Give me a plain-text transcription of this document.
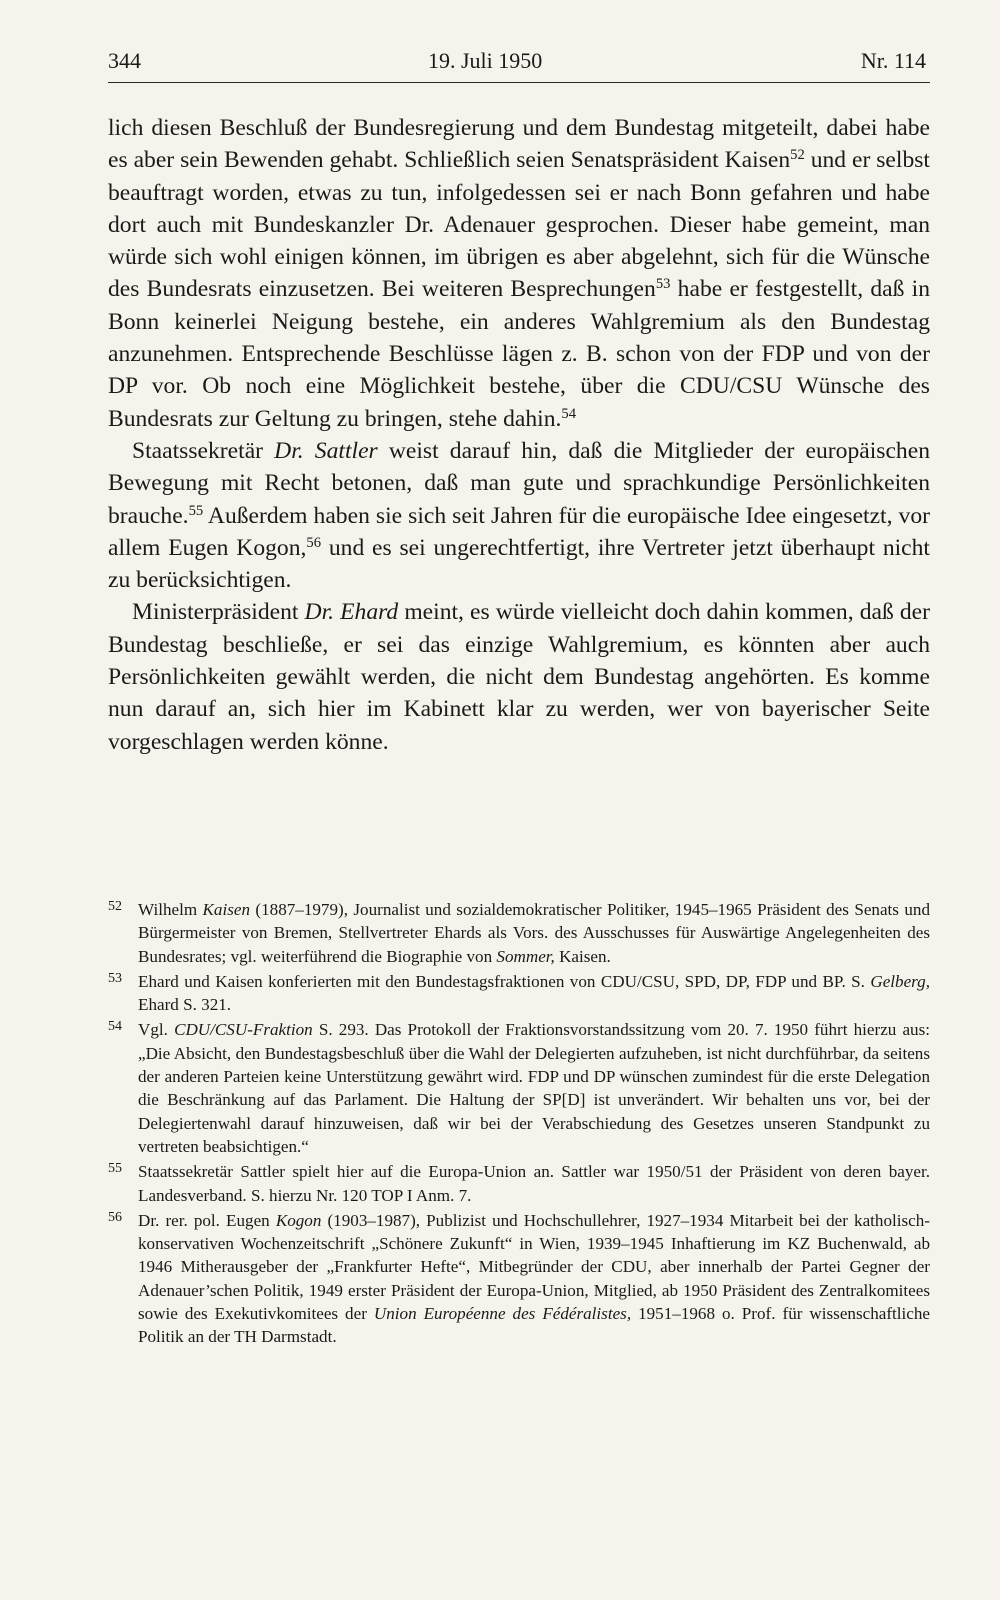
344	19. Juli 1950	Nr. 114

lich diesen Beschluß der Bundesregierung und dem Bundestag mitgeteilt, dabei habe es aber sein Bewenden gehabt. Schließlich seien Senatspräsident Kaisen$^{52}$ und er selbst beauftragt worden, etwas zu tun, infolgedessen sei er nach Bonn gefahren und habe dort auch mit Bundeskanzler Dr. Adenauer gesprochen. Dieser habe gemeint, man würde sich wohl einigen können, im übrigen es aber abgelehnt, sich für die Wünsche des Bundesrats einzusetzen. Bei weiteren Besprechungen$^{53}$ habe er festgestellt, daß in Bonn keinerlei Neigung bestehe, ein anderes Wahlgremium als den Bundestag anzunehmen. Entsprechende Beschlüsse lägen z. B. schon von der FDP und von der DP vor. Ob noch eine Möglichkeit bestehe, über die CDU/CSU Wünsche des Bundesrats zur Geltung zu bringen, stehe dahin.$^{54}$

Staatssekretär Dr. Sattler weist darauf hin, daß die Mitglieder der europäischen Bewegung mit Recht betonen, daß man gute und sprachkundige Persönlichkeiten brauche.$^{55}$ Außerdem haben sie sich seit Jahren für die europäische Idee eingesetzt, vor allem Eugen Kogon,$^{56}$ und es sei ungerechtfertigt, ihre Vertreter jetzt überhaupt nicht zu berücksichtigen.

Ministerpräsident Dr. Ehard meint, es würde vielleicht doch dahin kommen, daß der Bundestag beschließe, er sei das einzige Wahlgremium, es könnten aber auch Persönlichkeiten gewählt werden, die nicht dem Bundestag angehörten. Es komme nun darauf an, sich hier im Kabinett klar zu werden, wer von bayerischer Seite vorgeschlagen werden könne.

52 Wilhelm Kaisen (1887–1979), Journalist und sozialdemokratischer Politiker, 1945–1965 Präsident des Senats und Bürgermeister von Bremen, Stellvertreter Ehards als Vors. des Ausschusses für Auswärtige Angelegenheiten des Bundesrates; vgl. weiterführend die Biographie von Sommer, Kaisen.
53 Ehard und Kaisen konferierten mit den Bundestagsfraktionen von CDU/CSU, SPD, DP, FDP und BP. S. Gelberg, Ehard S. 321.
54 Vgl. CDU/CSU-Fraktion S. 293. Das Protokoll der Fraktionsvorstandssitzung vom 20. 7. 1950 führt hierzu aus: „Die Absicht, den Bundestagsbeschluß über die Wahl der Delegierten aufzuheben, ist nicht durchführbar, da seitens der anderen Parteien keine Unterstützung gewährt wird. FDP und DP wünschen zumindest für die erste Delegation die Beschränkung auf das Parlament. Die Haltung der SP[D] ist unverändert. Wir behalten uns vor, bei der Delegiertenwahl darauf hinzuweisen, daß wir bei der Verabschiedung des Gesetzes unseren Standpunkt zu vertreten beabsichtigen.“
55 Staatssekretär Sattler spielt hier auf die Europa-Union an. Sattler war 1950/51 der Präsident von deren bayer. Landesverband. S. hierzu Nr. 120 TOP I Anm. 7.
56 Dr. rer. pol. Eugen Kogon (1903–1987), Publizist und Hochschullehrer, 1927–1934 Mitarbeit bei der katholisch-konservativen Wochenzeitschrift „Schönere Zukunft“ in Wien, 1939–1945 Inhaftierung im KZ Buchenwald, ab 1946 Mitherausgeber der „Frankfurter Hefte“, Mitbegründer der CDU, aber innerhalb der Partei Gegner der Adenauer’schen Politik, 1949 erster Präsident der Europa-Union, Mitglied, ab 1950 Präsident des Zentralkomitees sowie des Exekutivkomitees der Union Européenne des Fédéralistes, 1951–1968 o. Prof. für wissenschaftliche Politik an der TH Darmstadt.
